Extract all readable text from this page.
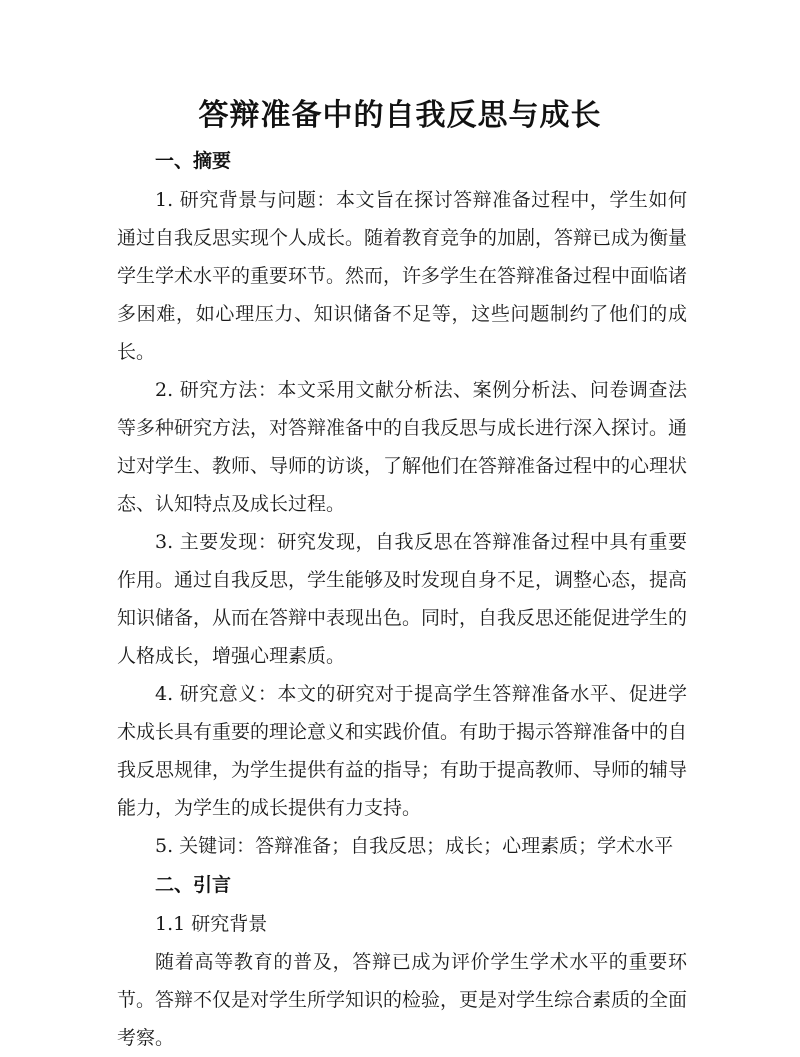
答辩准备中的自我反思与成长
一、摘要

1. 研究背景与问题：本文旨在探讨答辩准备过程中，学生如何通过自我反思实现个人成长。随着教育竞争的加剧，答辩已成为衡量学生学术水平的重要环节。然而，许多学生在答辩准备过程中面临诸多困难，如心理压力、知识储备不足等，这些问题制约了他们的成长。

2. 研究方法：本文采用文献分析法、案例分析法、问卷调查法等多种研究方法，对答辩准备中的自我反思与成长进行深入探讨。通过对学生、教师、导师的访谈，了解他们在答辩准备过程中的心理状态、认知特点及成长过程。

3. 主要发现：研究发现，自我反思在答辩准备过程中具有重要作用。通过自我反思，学生能够及时发现自身不足，调整心态，提高知识储备，从而在答辩中表现出色。同时，自我反思还能促进学生的人格成长，增强心理素质。

4. 研究意义：本文的研究对于提高学生答辩准备水平、促进学术成长具有重要的理论意义和实践价值。有助于揭示答辩准备中的自我反思规律，为学生提供有益的指导；有助于提高教师、导师的辅导能力，为学生的成长提供有力支持。

5. 关键词：答辩准备；自我反思；成长；心理素质；学术水平
二、引言
1.1 研究背景

随着高等教育的普及，答辩已成为评价学生学术水平的重要环节。答辩不仅是对学生所学知识的检验，更是对学生综合素质的全面考察。
